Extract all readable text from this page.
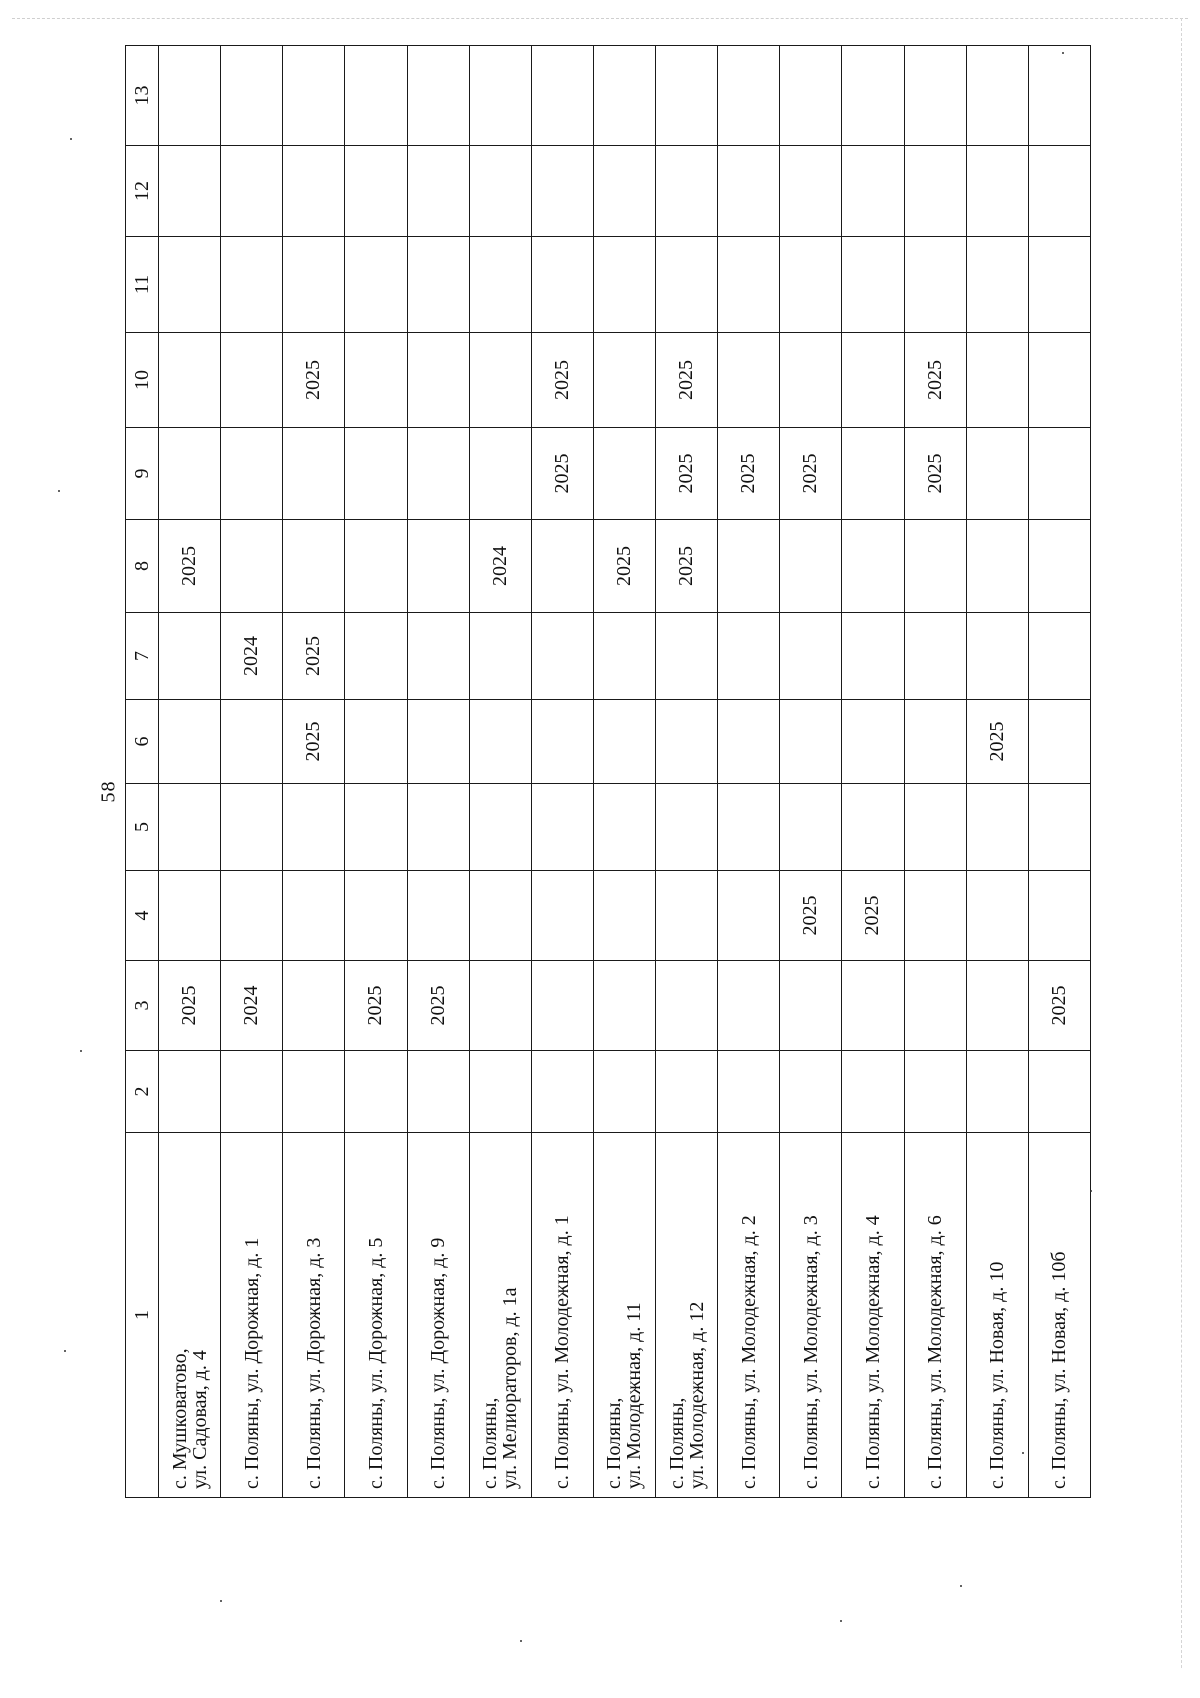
58
1	2	3	4	5	6	7	8	9	10	11	12	13

с. Мушковатово,
ул. Садовая, д. 4		2025					2025					

с. Поляны, ул. Дорожная, д. 1		2024				2024						

с. Поляны, ул. Дорожная, д. 3					2025	2025			2025			

с. Поляны, ул. Дорожная, д. 5		2025										

с. Поляны, ул. Дорожная, д. 9		2025										

с. Поляны,
ул. Мелиораторов, д. 1а							2024					

с. Поляны, ул. Молодежная, д. 1								2025	2025			

с. Поляны,
ул. Молодежная, д. 11							2025					

с. Поляны,
ул. Молодежная, д. 12							2025	2025	2025			

с. Поляны, ул. Молодежная, д. 2								2025				

с. Поляны, ул. Молодежная, д. 3			2025					2025				

с. Поляны, ул. Молодежная, д. 4			2025									

с. Поляны, ул. Молодежная, д. 6								2025	2025			

с. Поляны, ул. Новая, д. 10					2025							

с. Поляны, ул. Новая, д. 10б		2025										
